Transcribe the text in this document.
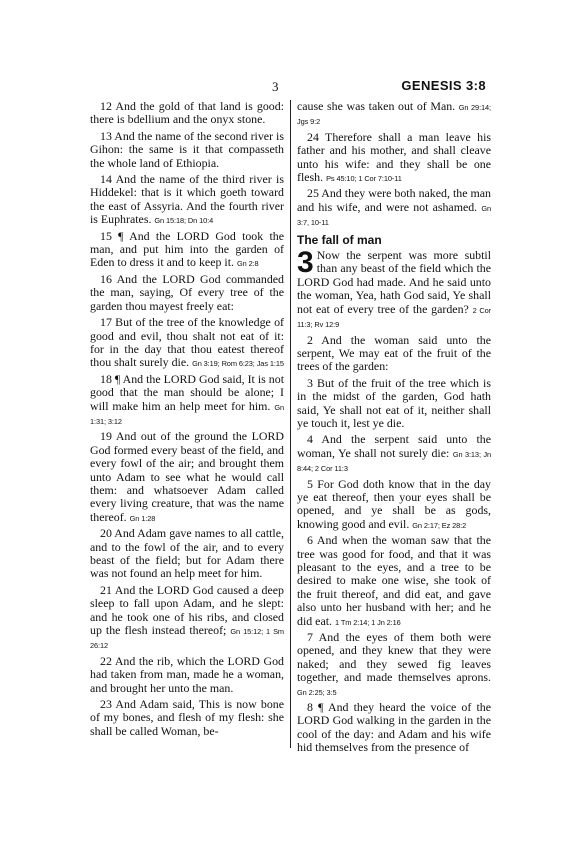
3	GENESIS 3:8

12 And the gold of that land is good: there is bdellium and the onyx stone.

13 And the name of the second river is Gihon: the same is it that compasseth the whole land of Ethiopia.

14 And the name of the third river is Hiddekel: that is it which goeth toward the east of Assyria. And the fourth river is Euphrates. Gn 15:18; Dn 10:4

15 ¶ And the LORD God took the man, and put him into the garden of Eden to dress it and to keep it. Gn 2:8

16 And the LORD God commanded the man, saying, Of every tree of the garden thou mayest freely eat:

17 But of the tree of the knowledge of good and evil, thou shalt not eat of it: for in the day that thou eatest thereof thou shalt surely die. Gn 3:19; Rom 6:23; Jas 1:15

18 ¶ And the LORD God said, It is not good that the man should be alone; I will make him an help meet for him. Gn 1:31; 3:12

19 And out of the ground the LORD God formed every beast of the field, and every fowl of the air; and brought them unto Adam to see what he would call them: and whatsoever Adam called every living creature, that was the name thereof. Gn 1:28

20 And Adam gave names to all cattle, and to the fowl of the air, and to every beast of the field; but for Adam there was not found an help meet for him.

21 And the LORD God caused a deep sleep to fall upon Adam, and he slept: and he took one of his ribs, and closed up the flesh instead thereof; Gn 15:12; 1 Sm 26:12

22 And the rib, which the LORD God had taken from man, made he a woman, and brought her unto the man.

23 And Adam said, This is now bone of my bones, and flesh of my flesh: she shall be called Woman, be-

cause she was taken out of Man. Gn 29:14; Jgs 9:2

24 Therefore shall a man leave his father and his mother, and shall cleave unto his wife: and they shall be one flesh. Ps 45:10; 1 Cor 7:10-11

25 And they were both naked, the man and his wife, and were not ashamed. Gn 3:7, 10-11

The fall of man

3 Now the serpent was more subtil than any beast of the field which the LORD God had made. And he said unto the woman, Yea, hath God said, Ye shall not eat of every tree of the garden? 2 Cor 11:3; Rv 12:9

2 And the woman said unto the serpent, We may eat of the fruit of the trees of the garden:

3 But of the fruit of the tree which is in the midst of the garden, God hath said, Ye shall not eat of it, neither shall ye touch it, lest ye die.

4 And the serpent said unto the woman, Ye shall not surely die: Gn 3:13; Jn 8:44; 2 Cor 11:3

5 For God doth know that in the day ye eat thereof, then your eyes shall be opened, and ye shall be as gods, knowing good and evil. Gn 2:17; Ez 28:2

6 And when the woman saw that the tree was good for food, and that it was pleasant to the eyes, and a tree to be desired to make one wise, she took of the fruit thereof, and did eat, and gave also unto her husband with her; and he did eat. 1 Tm 2:14; 1 Jn 2:16

7 And the eyes of them both were opened, and they knew that they were naked; and they sewed fig leaves together, and made themselves aprons. Gn 2:25; 3:5

8 ¶ And they heard the voice of the LORD God walking in the garden in the cool of the day: and Adam and his wife hid themselves from the presence of
